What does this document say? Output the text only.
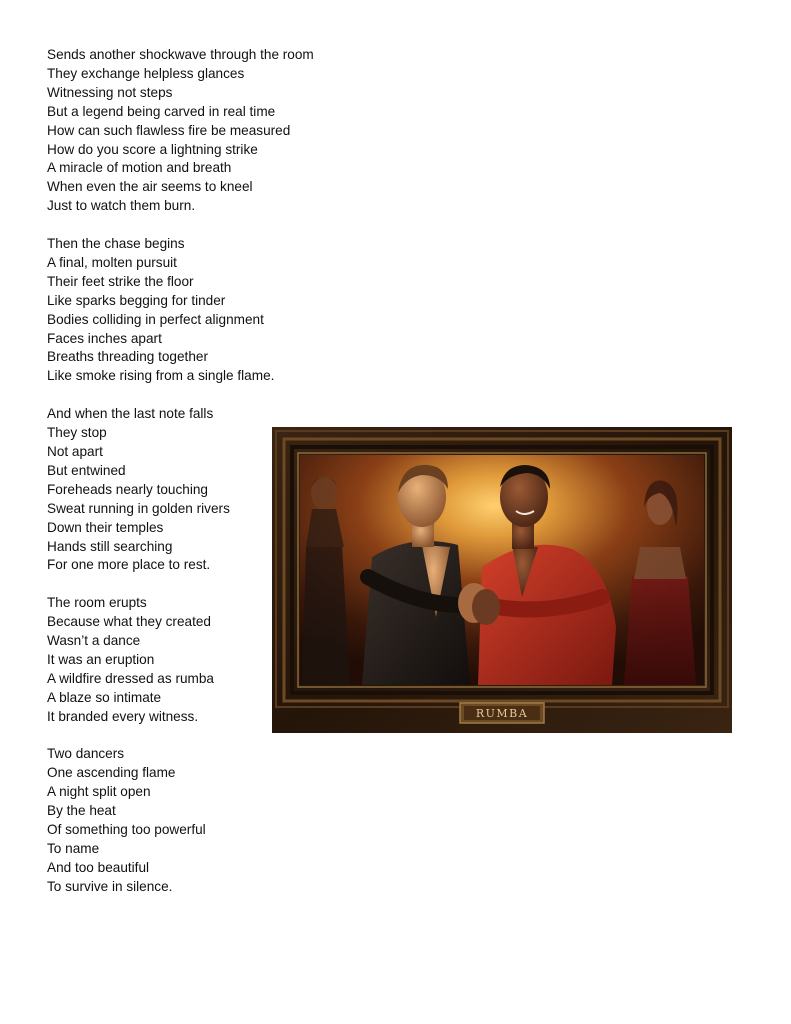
Sends another shockwave through the room
They exchange helpless glances
Witnessing not steps
But a legend being carved in real time
How can such flawless fire be measured
How do you score a lightning strike
A miracle of motion and breath
When even the air seems to kneel
Just to watch them burn.
Then the chase begins
A final, molten pursuit
Their feet strike the floor
Like sparks begging for tinder
Bodies colliding in perfect alignment
Faces inches apart
Breaths threading together
Like smoke rising from a single flame.
And when the last note falls
They stop
Not apart
But entwined
Foreheads nearly touching
Sweat running in golden rivers
Down their temples
Hands still searching
For one more place to rest.
The room erupts
Because what they created
Wasn’t a dance
It was an eruption
A wildfire dressed as rumba
A blaze so intimate
It branded every witness.
Two dancers
One ascending flame
A night split open
By the heat
Of something too powerful
To name
And too beautiful
To survive in silence.
RUMBA
